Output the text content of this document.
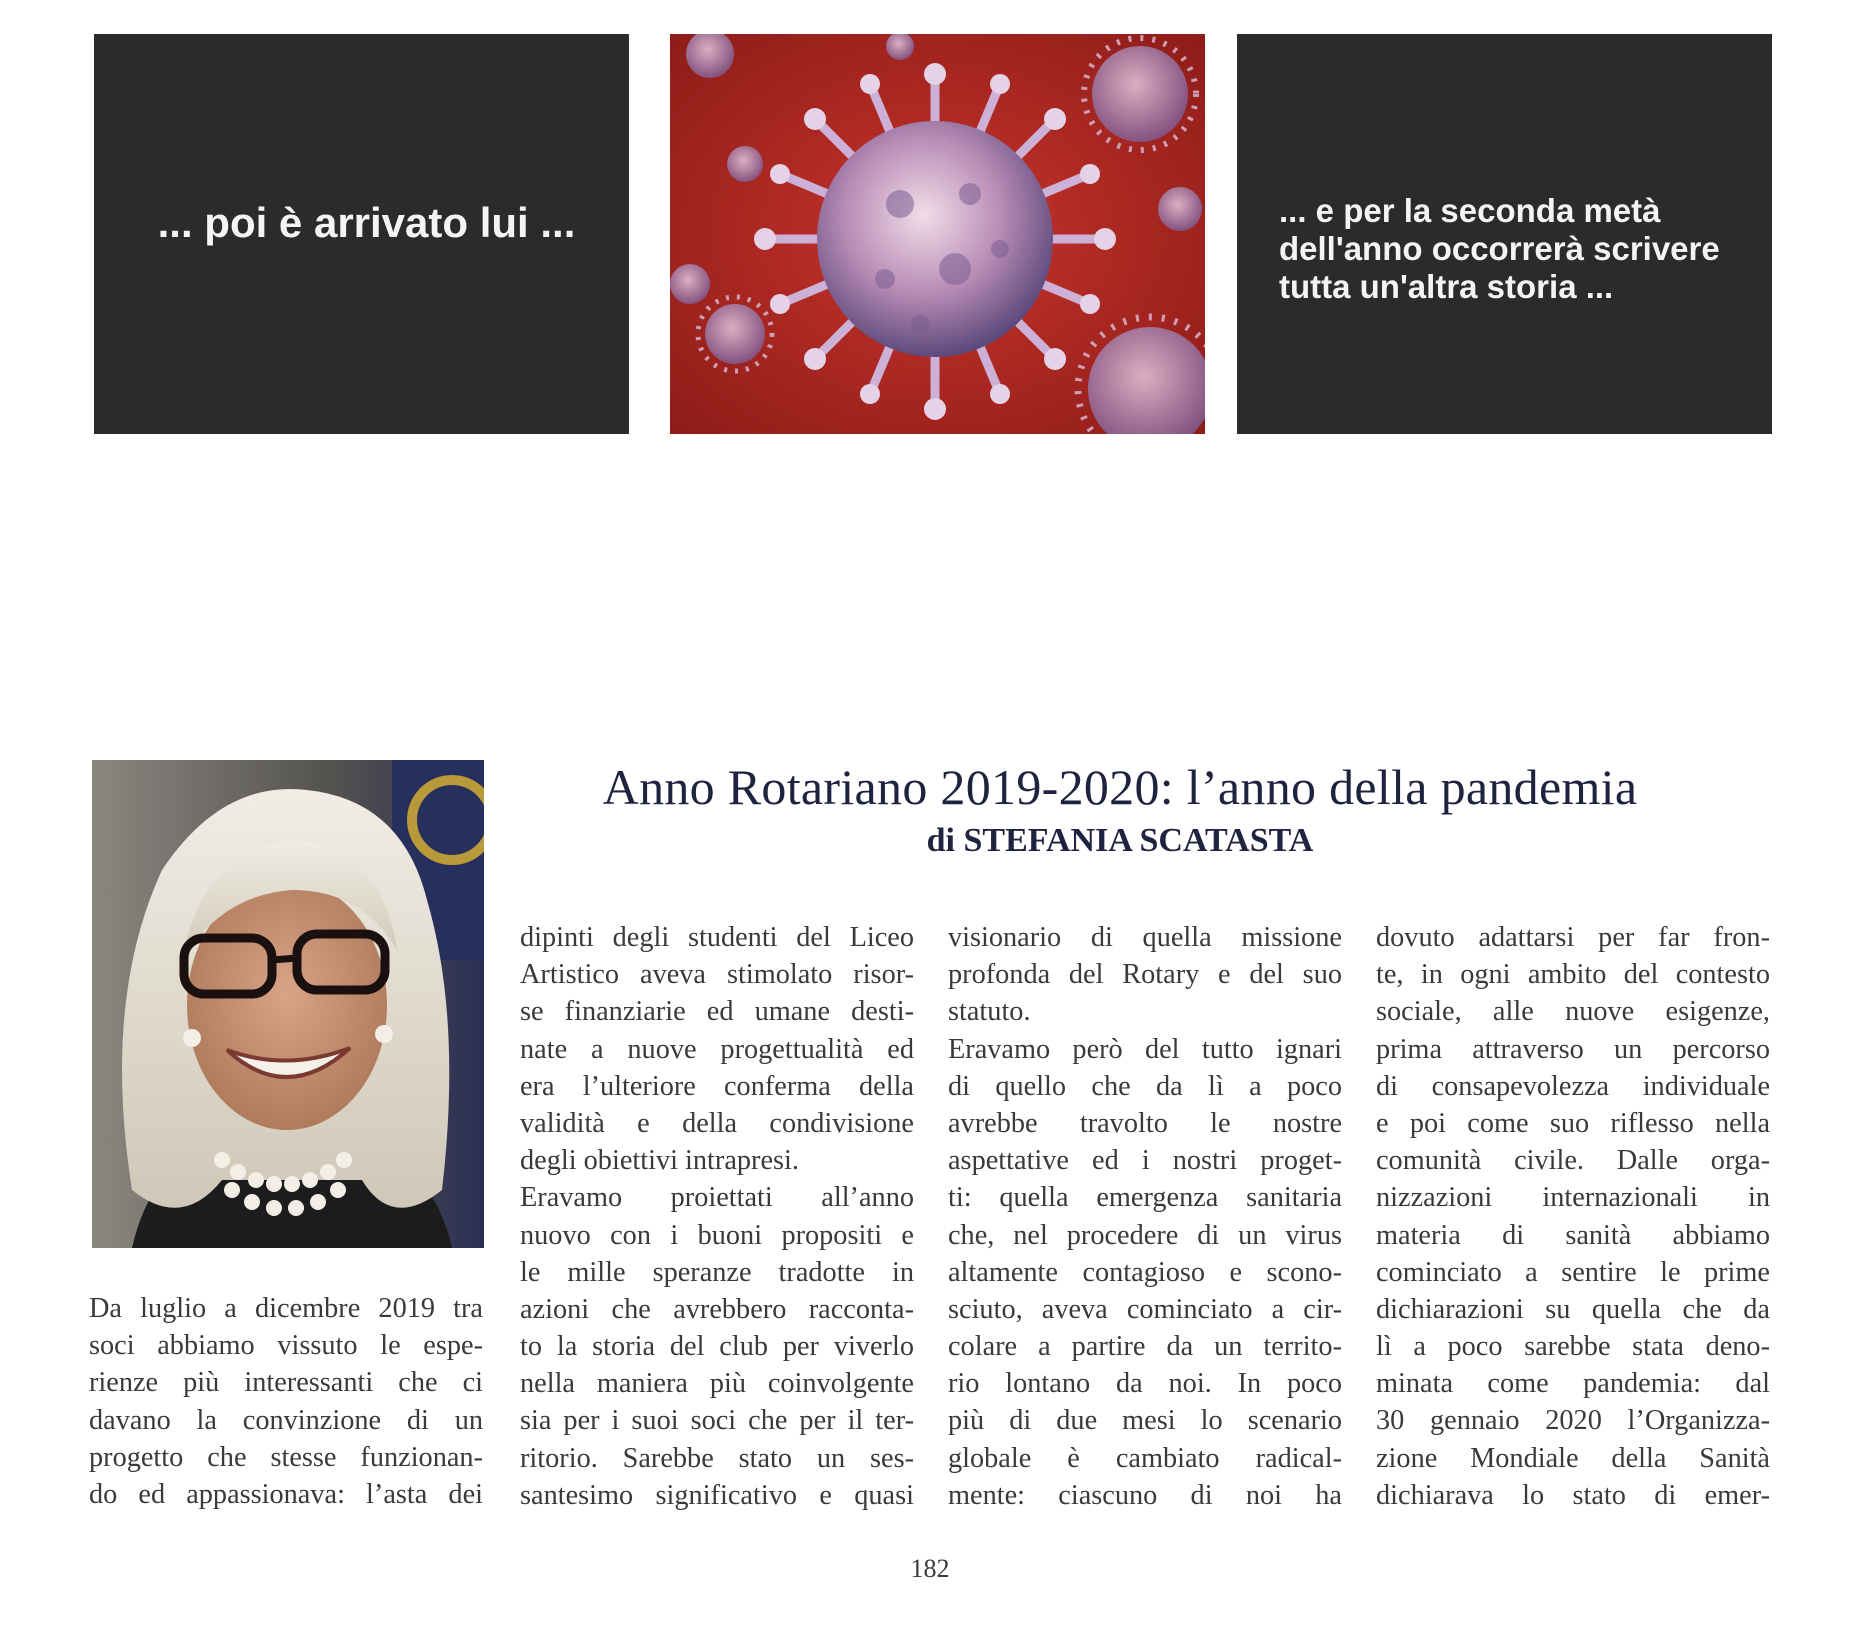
... poi è arrivato lui ...	... e per la seconda metà
dell'anno occorrerà scrivere
tutta un'altra storia ...
Anno Rotariano 2019-2020: l’anno della pandemia
di STEFANIA SCATASTA
Da luglio a dicembre 2019 tra
soci abbiamo vissuto le espe-
rienze più interessanti che ci
davano la convinzione di un
progetto che stesse funzionan-
do ed appassionava: l’asta dei
dipinti degli studenti del Liceo
Artistico aveva stimolato risor-
se finanziarie ed umane desti-
nate a nuove progettualità ed
era l’ulteriore conferma della
validità e della condivisione
degli obiettivi intrapresi.
Eravamo proiettati all’anno
nuovo con i buoni propositi e
le mille speranze tradotte in
azioni che avrebbero racconta-
to la storia del club per viverlo
nella maniera più coinvolgente
sia per i suoi soci che per il ter-
ritorio. Sarebbe stato un ses-
santesimo significativo e quasi
visionario di quella missione
profonda del Rotary e del suo
statuto.
Eravamo però del tutto ignari
di quello che da lì a poco
avrebbe travolto le nostre
aspettative ed i nostri proget-
ti: quella emergenza sanitaria
che, nel procedere di un virus
altamente contagioso e scono-
sciuto, aveva cominciato a cir-
colare a partire da un territo-
rio lontano da noi. In poco
più di due mesi lo scenario
globale è cambiato radical-
mente: ciascuno di noi ha
dovuto adattarsi per far fron-
te, in ogni ambito del contesto
sociale, alle nuove esigenze,
prima attraverso un percorso
di consapevolezza individuale
e poi come suo riflesso nella
comunità civile. Dalle orga-
nizzazioni internazionali in
materia di sanità abbiamo
cominciato a sentire le prime
dichiarazioni su quella che da
lì a poco sarebbe stata deno-
minata come pandemia: dal
30 gennaio 2020 l’Organizza-
zione Mondiale della Sanità
dichiarava lo stato di emer-
182
